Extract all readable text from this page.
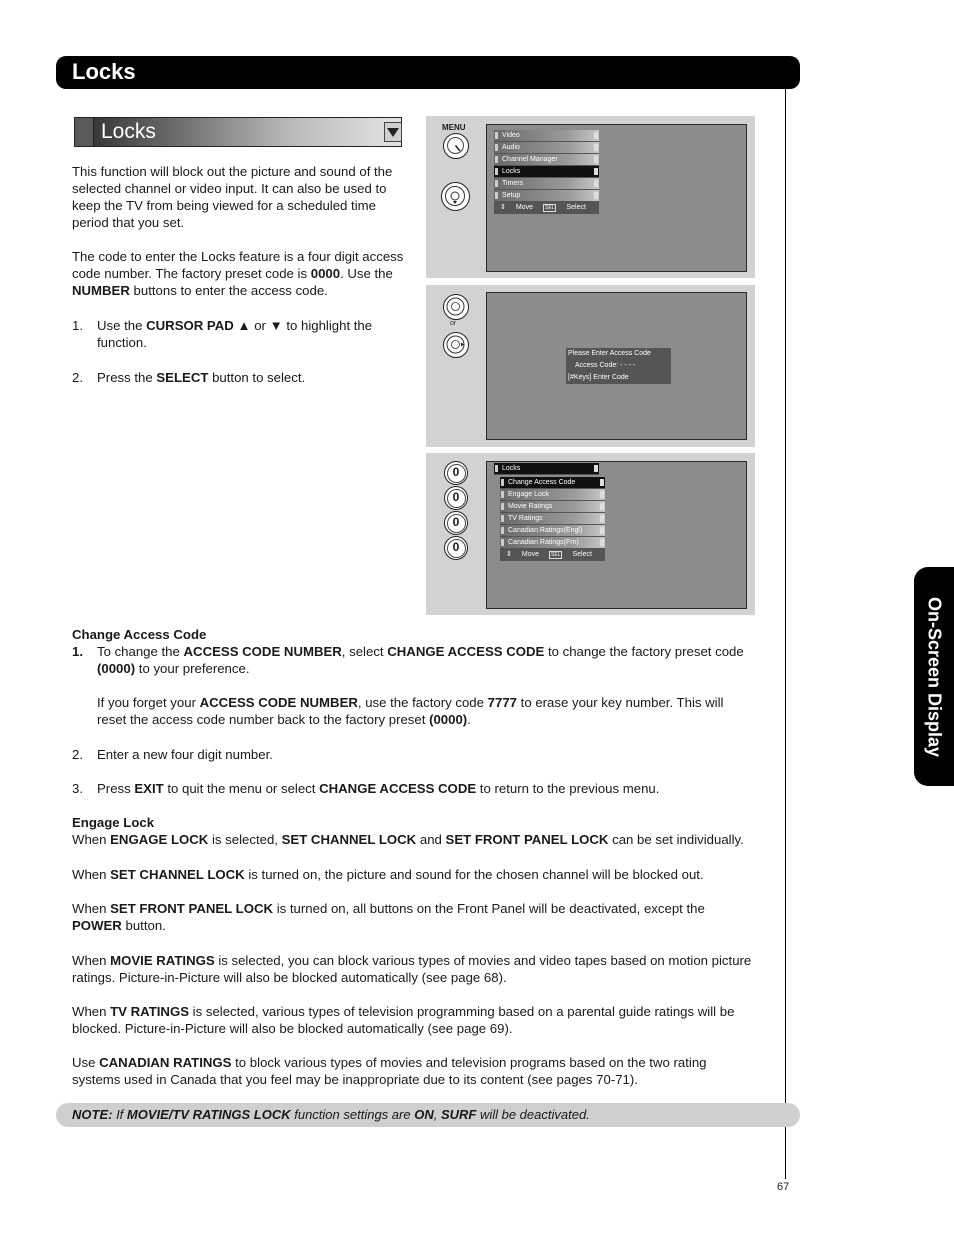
Locks
Locks

This function will block out the picture and sound of the selected channel or video input. It can also be used to keep the TV from being viewed for a scheduled time period that you set.

The code to enter the Locks feature is a four digit access code number. The factory preset code is 0000. Use the NUMBER buttons to enter the access code.

1.	Use the CURSOR PAD ▲ or ▼ to highlight the function.
2.	Press the SELECT button to select.
MENU
Video
Audio
Channel Manager
Locks
Timers
Setup
⇕ Move SEL Select
or
Please Enter Access Code
Access Code: - - - -
[#Keys] Enter Code
0
0
0
0
Locks
Change Access Code
Engage Lock
Movie Ratings
TV Ratings
Canadian Ratings(Engl)
Canadian Ratings(Frn)
⇕ Move SEL Select
Change Access Code
1.	To change the ACCESS CODE NUMBER, select CHANGE ACCESS CODE to change the factory preset code (0000) to your preference.
If you forget your ACCESS CODE NUMBER, use the factory code 7777 to erase your key number. This will reset the access code number back to the factory preset (0000).
2.	Enter a new four digit number.
3.	Press EXIT to quit the menu or select CHANGE ACCESS CODE to return to the previous menu.
Engage Lock
When ENGAGE LOCK is selected, SET CHANNEL LOCK and SET FRONT PANEL LOCK can be set individually.
When SET CHANNEL LOCK is turned on, the picture and sound for the chosen channel will be blocked out.
When SET FRONT PANEL LOCK is turned on, all buttons on the Front Panel will be deactivated, except the POWER button.
When MOVIE RATINGS is selected, you can block various types of movies and video tapes based on motion picture ratings. Picture-in-Picture will also be blocked automatically (see page 68).
When TV RATINGS is selected, various types of television programming based on a parental guide ratings will be blocked. Picture-in-Picture will also be blocked automatically (see page 69).
Use CANADIAN RATINGS to block various types of movies and television programs based on the two rating systems used in Canada that you feel may be inappropriate due to its content (see pages 70-71).
NOTE: If MOVIE/TV RATINGS LOCK function settings are ON, SURF will be deactivated.
On-Screen Display
67
